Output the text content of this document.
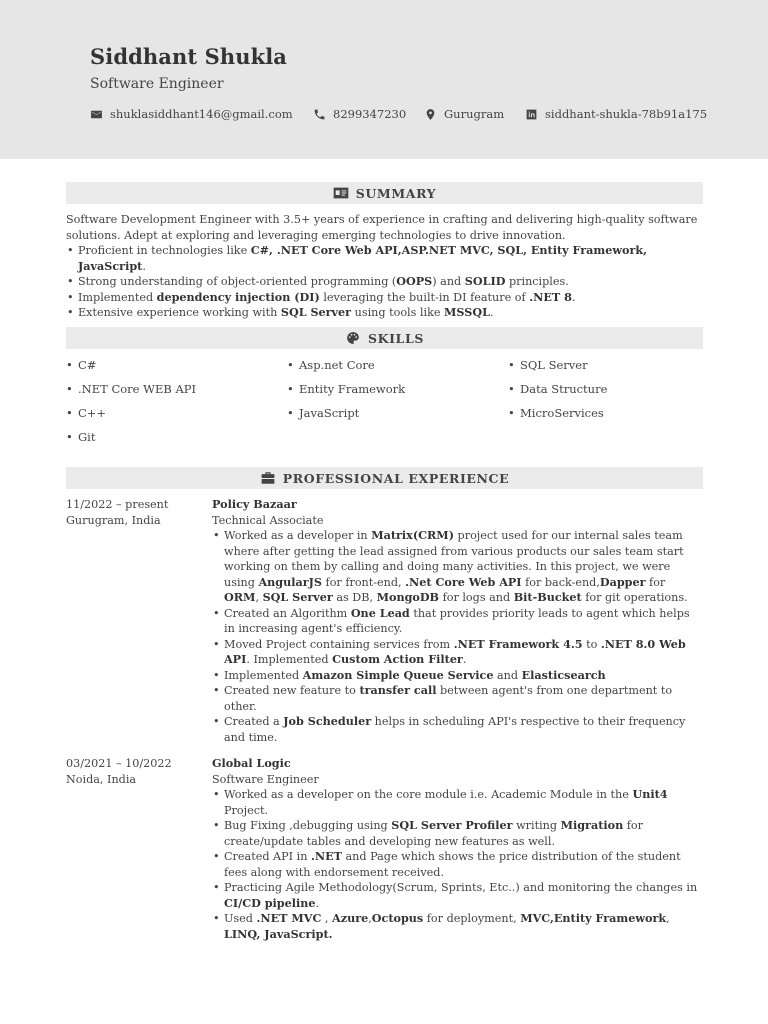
Siddhant Shukla
Software Engineer
shuklasiddhant146@gmail.com	8299347230	Gurugram	siddhant-shukla-78b91a175
SUMMARY
Software Development Engineer with 3.5+ years of experience in crafting and delivering high-quality software solutions. Adept at exploring and leveraging emerging technologies to drive innovation.
• Proficient in technologies like C#, .NET Core Web API,ASP.NET MVC, SQL, Entity Framework, JavaScript.
• Strong understanding of object-oriented programming (OOPS) and SOLID principles.
• Implemented dependency injection (DI) leveraging the built-in DI feature of .NET 8.
• Extensive experience working with SQL Server using tools like MSSQL.
SKILLS
• C#
• .NET Core WEB API
• C++
• Git
• Asp.net Core
• Entity Framework
• JavaScript
• SQL Server
• Data Structure
• MicroServices
PROFESSIONAL EXPERIENCE
11/2022 – present
Gurugram, India
Policy Bazaar
Technical Associate
• Worked as a developer in Matrix(CRM) project used for our internal sales team where after getting the lead assigned from various products our sales team start working on them by calling and doing many activities. In this project, we were using AngularJS for front-end, .Net Core Web API for back-end,Dapper for ORM, SQL Server as DB, MongoDB for logs and Bit-Bucket for git operations.
• Created an Algorithm One Lead that provides priority leads to agent which helps in increasing agent's efficiency.
• Moved Project containing services from .NET Framework 4.5 to .NET 8.0 Web API. Implemented Custom Action Filter.
• Implemented Amazon Simple Queue Service and Elasticsearch
• Created new feature to transfer call between agent's from one department to other.
• Created a Job Scheduler helps in scheduling API's respective to their frequency and time.
03/2021 – 10/2022
Noida, India
Global Logic
Software Engineer
• Worked as a developer on the core module i.e. Academic Module in the Unit4 Project.
• Bug Fixing ,debugging using SQL Server Profiler writing Migration for create/update tables and developing new features as well.
• Created API in .NET and Page which shows the price distribution of the student fees along with endorsement received.
• Practicing Agile Methodology(Scrum, Sprints, Etc..) and monitoring the changes in CI/CD pipeline.
• Used .NET MVC , Azure,Octopus for deployment, MVC,Entity Framework, LINQ, JavaScript.
